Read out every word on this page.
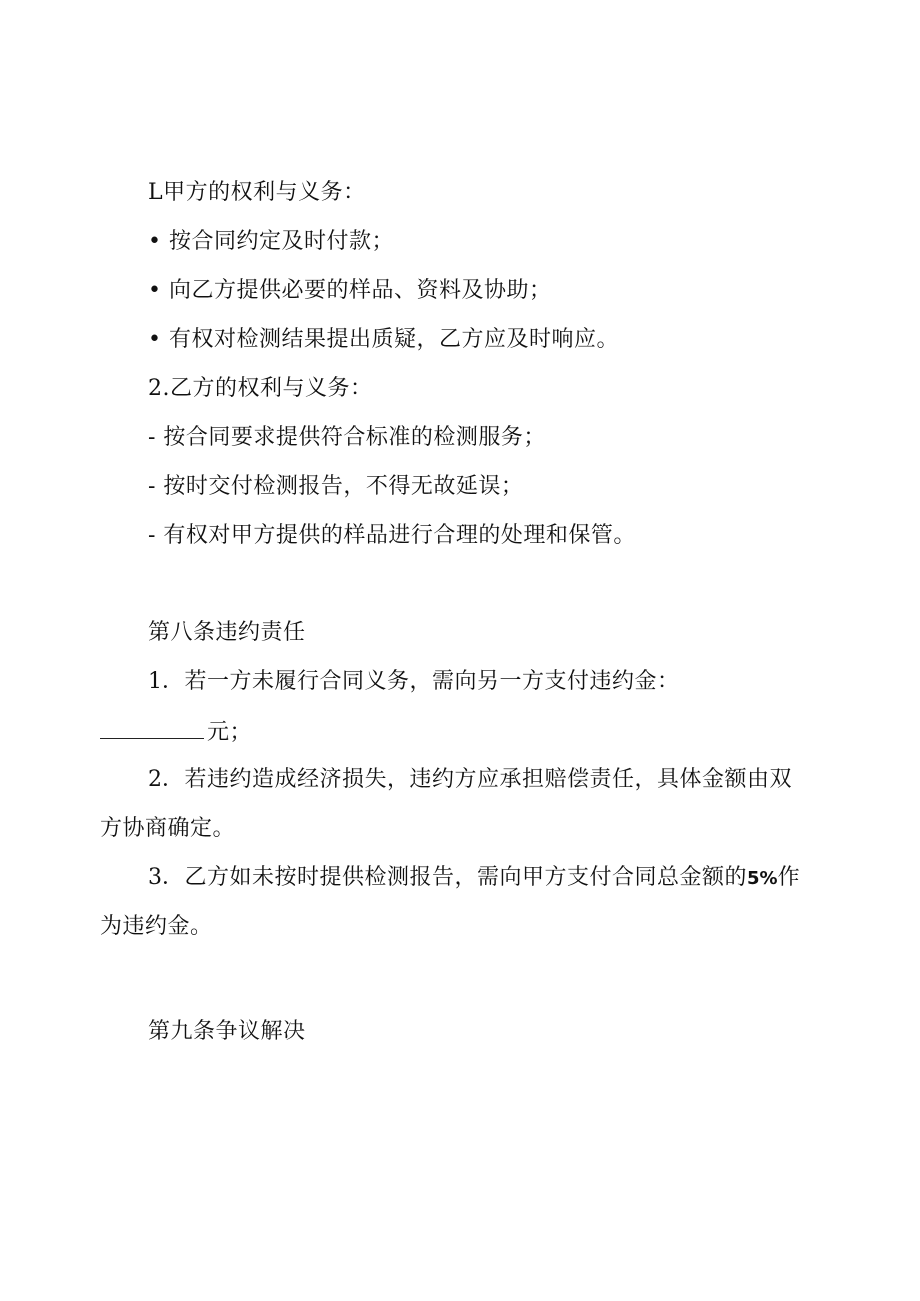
L甲方的权利与义务：
• 按合同约定及时付款；
• 向乙方提供必要的样品、资料及协助；
• 有权对检测结果提出质疑，乙方应及时响应。
2.乙方的权利与义务：
- 按合同要求提供符合标准的检测服务；
- 按时交付检测报告，不得无故延误；
- 有权对甲方提供的样品进行合理的处理和保管。
第八条违约责任
1．若一方未履行合同义务，需向另一方支付违约金：
元；
2．若违约造成经济损失，违约方应承担赔偿责任，具体金额由双
方协商确定。
3．乙方如未按时提供检测报告，需向甲方支付合同总金额的5%作
为违约金。
第九条争议解决
